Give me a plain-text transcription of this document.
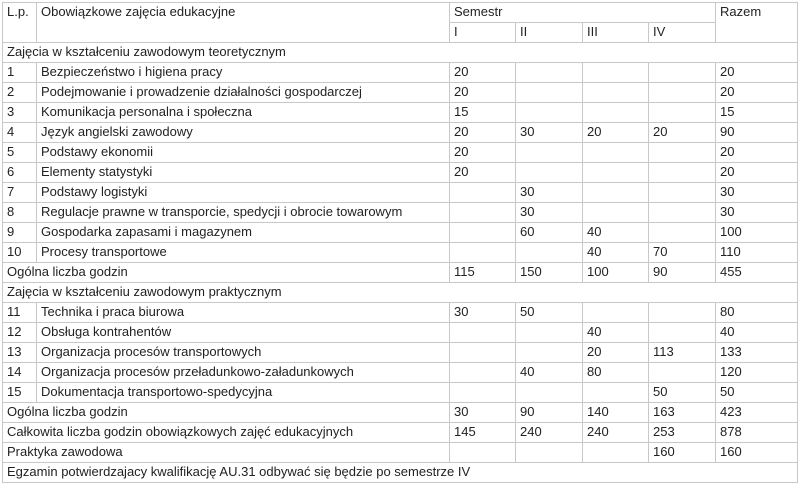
L.p.	Obowiązkowe zajęcia edukacyjne	Semestr				Razem
		I	II	III	IV	
Zajęcia w kształceniu zawodowym teoretycznym						
1	Bezpieczeństwo i higiena pracy	20				20
2	Podejmowanie i prowadzenie działalności gospodarczej	20				20
3	Komunikacja personalna i społeczna	15				15
4	Język angielski zawodowy	20	30	20	20	90
5	Podstawy ekonomii	20				20
6	Elementy statystyki	20				20
7	Podstawy logistyki		30			30
8	Regulacje prawne w transporcie, spedycji i obrocie towarowym		30			30
9	Gospodarka zapasami i magazynem		60	40		100
10	Procesy transportowe			40	70	110
Ogólna liczba godzin		115	150	100	90	455
Zajęcia w kształceniu zawodowym praktycznym						
11	Technika i praca biurowa	30	50			80
12	Obsługa kontrahentów			40		40
13	Organizacja procesów transportowych			20	113	133
14	Organizacja procesów przeładunkowo-załadunkowych		40	80		120
15	Dokumentacja transportowo-spedycyjna				50	50
Ogólna liczba godzin		30	90	140	163	423
Całkowita liczba godzin obowiązkowych zajęć edukacyjnych		145	240	240	253	878
Praktyka zawodowa					160	160
Egzamin potwierdzajacy kwalifikację AU.31 odbywać się będzie po semestrze IV						
